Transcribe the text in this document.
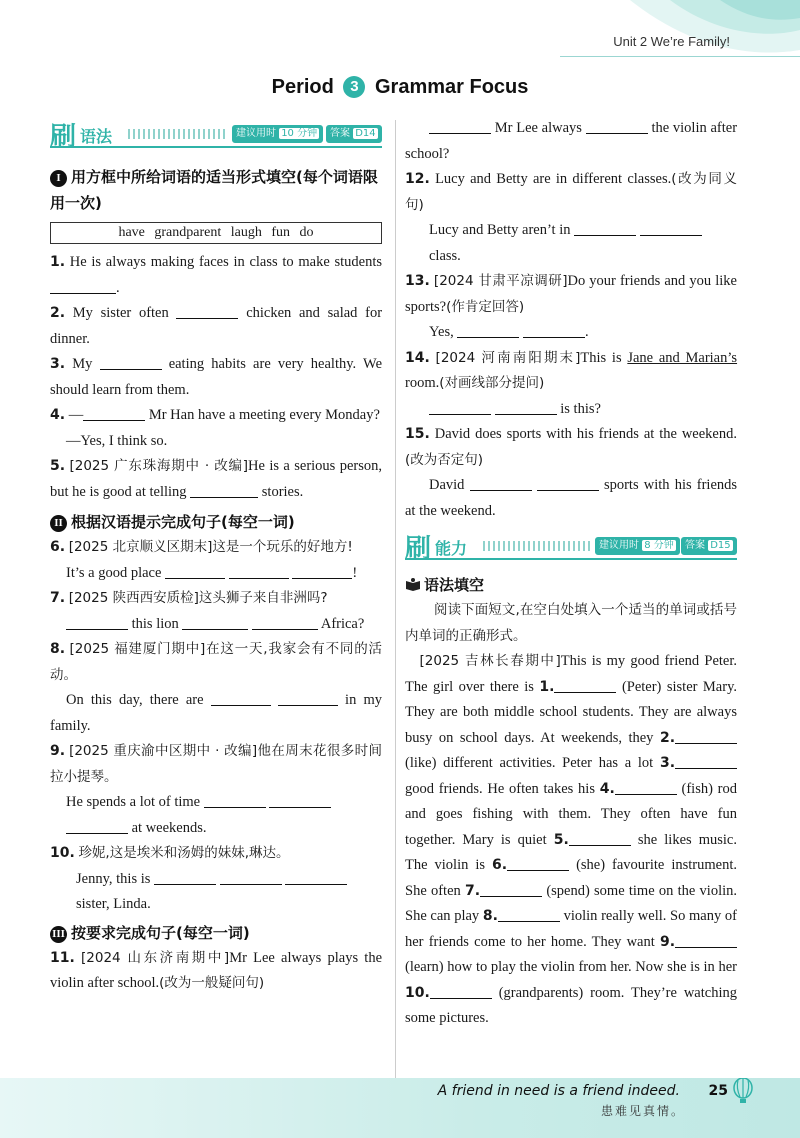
Unit 2 We’re Family!
Period 3 Grammar Focus
刷 语法	建议用时 10 分钟	答案 D14
I 用方框中所给词语的适当形式填空(每个词语限用一次)
have grandparent laugh fun do
1. He is always making faces in class to make students .
2. My sister often	chicken and salad for dinner.
3. My	eating habits are very healthy. We should learn from them.
4. —	Mr Han have a meeting every Monday?
—Yes, I think so.
5. [2025 广东珠海期中 · 改编]He is a serious person, but he is good at telling	stories.
II 根据汉语提示完成句子(每空一词)
6. [2025 北京顺义区期末]这是一个玩乐的好地方!
It’s a good place	!
7. [2025 陕西西安质检]这头狮子来自非洲吗?
this lion	Africa?
8. [2025 福建厦门期中]在这一天,我家会有不同的活动。
On this day, there are	in my family.
9. [2025 重庆渝中区期中 · 改编]他在周末花很多时间拉小提琴。
He spends a lot of time
at weekends.
10. 珍妮,这是埃米和汤姆的妹妹,琳达。
Jenny, this is
sister, Linda.
III 按要求完成句子(每空一词)
11. [2024 山东济南期中]Mr Lee always plays the violin after school.(改为一般疑问句)
Mr Lee always	the violin after school?
12. Lucy and Betty are in different classes.(改为同义句)
Lucy and Betty aren’t in
class.
13. [2024 甘肃平凉调研]Do your friends and you like sports?(作肯定回答)
Yes,	.
14. [2024 河南南阳期末]This is Jane and Marian’s room.(对画线部分提问)
is this?
15. David does sports with his friends at the weekend.(改为否定句)
David	sports with his friends at the weekend.
刷 能力	建议用时 8 分钟	答案 D15
语法填空
阅读下面短文,在空白处填入一个适当的单词或括号内单词的正确形式。
[2025 吉林长春期中]This is my good friend Peter. The girl over there is 1.	(Peter) sister Mary. They are both middle school students. They are always busy on school days. At weekends, they 2. (like) different activities. Peter has a lot 3. good friends. He often takes his 4.	(fish) rod and goes fishing with them. They often have fun together. Mary is quiet 5.	she likes music. The violin is 6.	(she) favourite instrument. She often 7.	(spend) some time on the violin. She can play 8.	violin really well. So many of her friends come to her home. They want 9. (learn) how to play the violin from her. Now she is in her 10.	(grandparents) room. They’re watching some pictures.
A friend in need is a friend indeed.
患难见真情。
25
